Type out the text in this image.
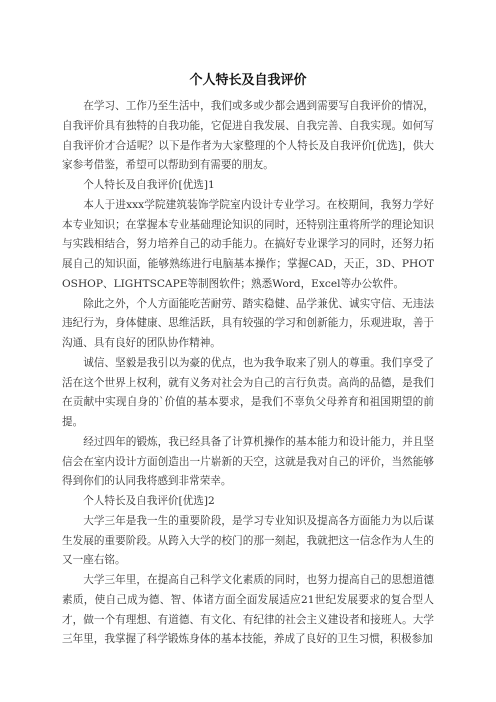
个人特长及自我评价

在学习、工作乃至生活中，我们或多或少都会遇到需要写自我评价的情况，自我评价具有独特的自我功能，它促进自我发展、自我完善、自我实现。如何写自我评价才合适呢？以下是作者为大家整理的个人特长及自我评价[优选]，供大家参考借鉴，希望可以帮助到有需要的朋友。

个人特长及自我评价[优选]1

本人于进xxx学院建筑装饰学院室内设计专业学习。在校期间，我努力学好本专业知识；在掌握本专业基础理论知识的同时，还特别注重将所学的理论知识与实践相结合，努力培养自己的动手能力。在搞好专业课学习的同时，还努力拓展自己的知识面，能够熟练进行电脑基本操作；掌握CAD，天正，3D、PHOTOSHOP、LIGHTSCAPE等制图软件；熟悉Word，Excel等办公软件。

除此之外，个人方面能吃苦耐劳、踏实稳健、品学兼优、诚实守信、无违法违纪行为，身体健康、思维活跃，具有较强的学习和创新能力，乐观进取，善于沟通、具有良好的团队协作精神。

诚信、坚毅是我引以为豪的优点，也为我争取来了别人的尊重。我们享受了活在这个世界上权利，就有义务对社会为自己的言行负责。高尚的品德，是我们在贡献中实现自身的`价值的基本要求，是我们不辜负父母养育和祖国期望的前提。

经过四年的锻炼，我已经具备了计算机操作的基本能力和设计能力，并且坚信会在室内设计方面创造出一片崭新的天空，这就是我对自己的评价，当然能够得到你们的认同我将感到非常荣幸。

个人特长及自我评价[优选]2

大学三年是我一生的重要阶段，是学习专业知识及提高各方面能力为以后谋生发展的重要阶段。从跨入大学的校门的那一刻起，我就把这一信念作为人生的又一座右铭。

大学三年里，在提高自己科学文化素质的同时，也努力提高自己的思想道德素质，使自己成为德、智、体诸方面全面发展适应21世纪发展要求的复合型人才，做一个有理想、有道德、有文化、有纪律的社会主义建设者和接班人。大学三年里，我掌握了科学锻炼身体的基本技能，养成了良好的卫生习惯，积极参加
